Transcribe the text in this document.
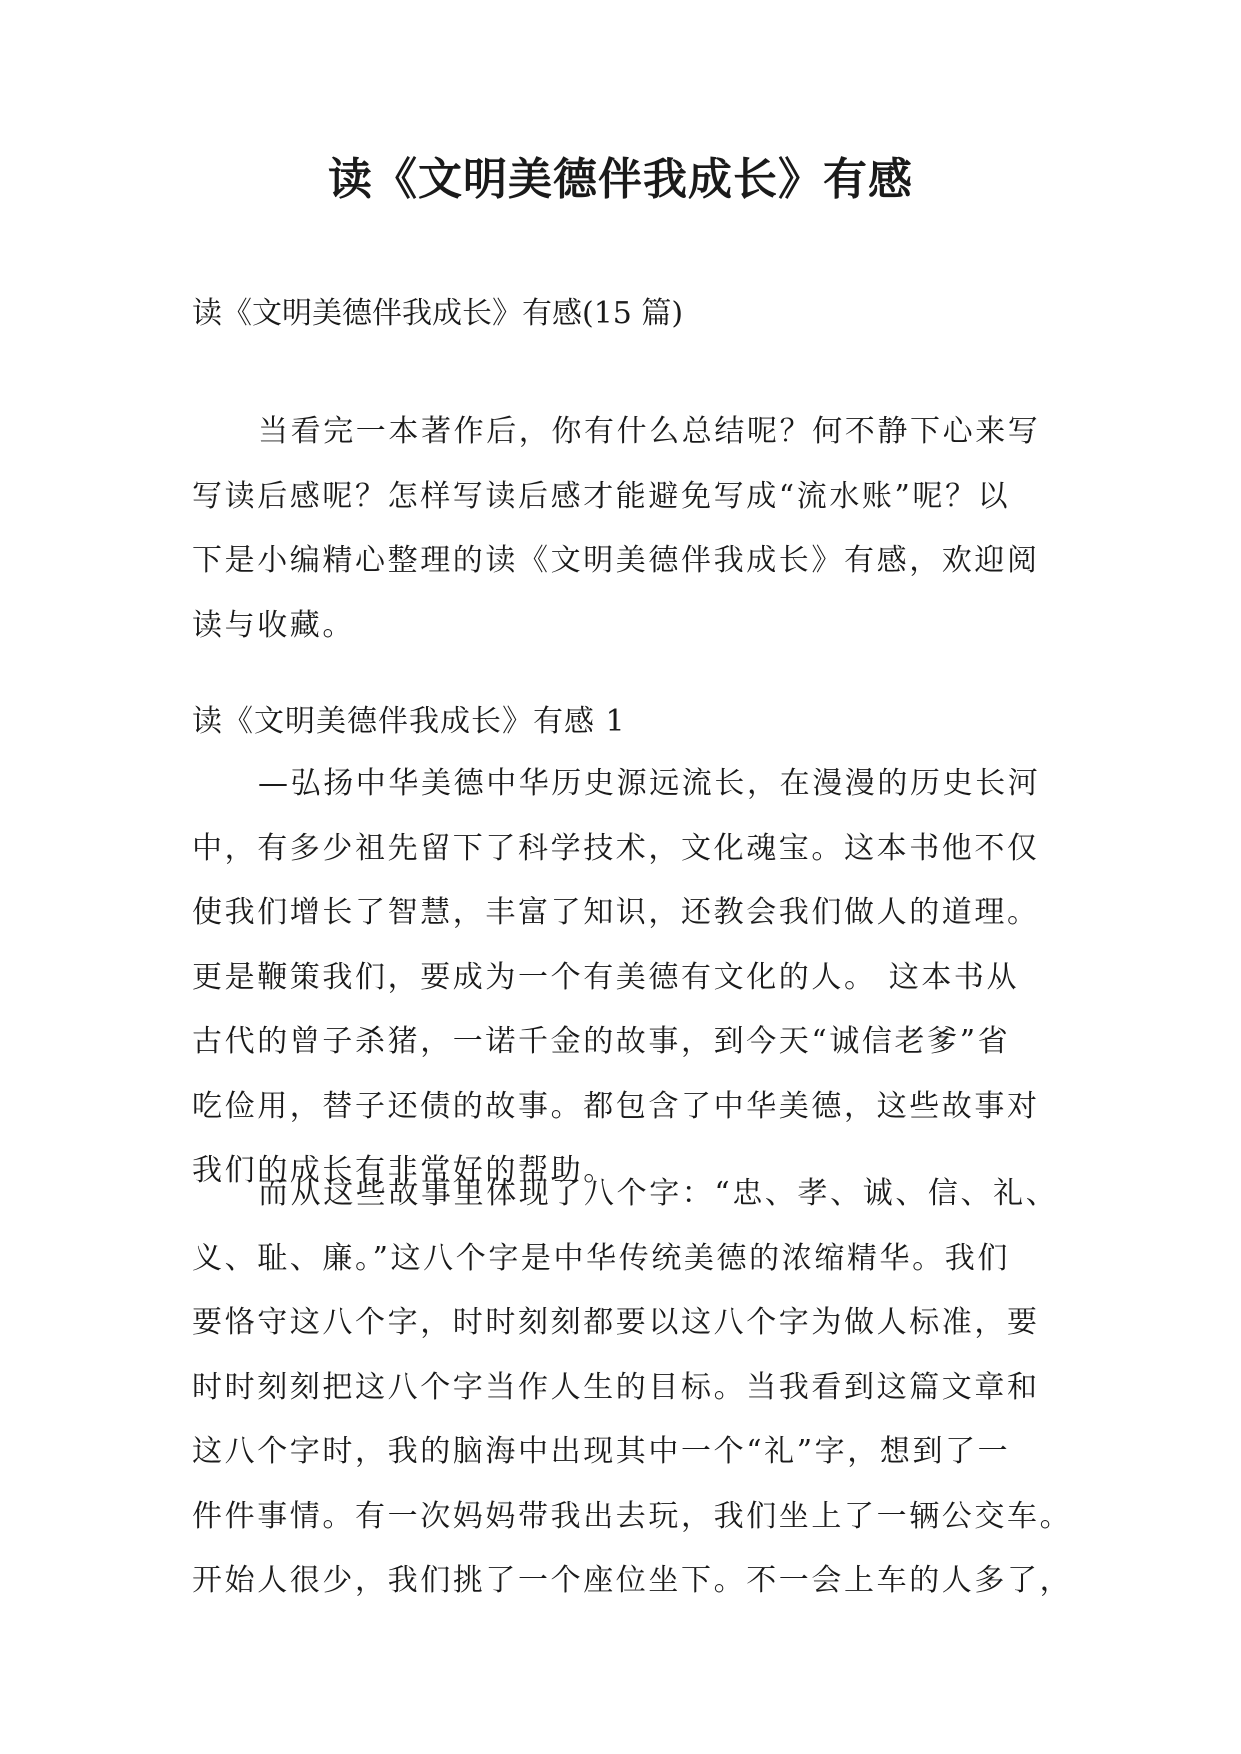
读《文明美德伴我成长》有感

读《文明美德伴我成长》有感(15 篇)

当看完一本著作后，你有什么总结呢？何不静下心来写
写读后感呢？怎样写读后感才能避免写成“流水账”呢？以
下是小编精心整理的读《文明美德伴我成长》有感，欢迎阅
读与收藏。

读《文明美德伴我成长》有感 1

—弘扬中华美德中华历史源远流长，在漫漫的历史长河
中，有多少祖先留下了科学技术，文化魂宝。这本书他不仅
使我们增长了智慧，丰富了知识，还教会我们做人的道理。
更是鞭策我们，要成为一个有美德有文化的人。 这本书从
古代的曾子杀猪，一诺千金的故事，到今天“诚信老爹”省
吃俭用，替子还债的故事。都包含了中华美德，这些故事对
我们的成长有非常好的帮助。
而从这些故事里体现了八个字：“忠、孝、诚、信、礼、
义、耻、廉。”这八个字是中华传统美德的浓缩精华。我们
要恪守这八个字，时时刻刻都要以这八个字为做人标准，要
时时刻刻把这八个字当作人生的目标。当我看到这篇文章和
这八个字时，我的脑海中出现其中一个“礼”字，想到了一
件件事情。有一次妈妈带我出去玩，我们坐上了一辆公交车。
开始人很少，我们挑了一个座位坐下。不一会上车的人多了，
